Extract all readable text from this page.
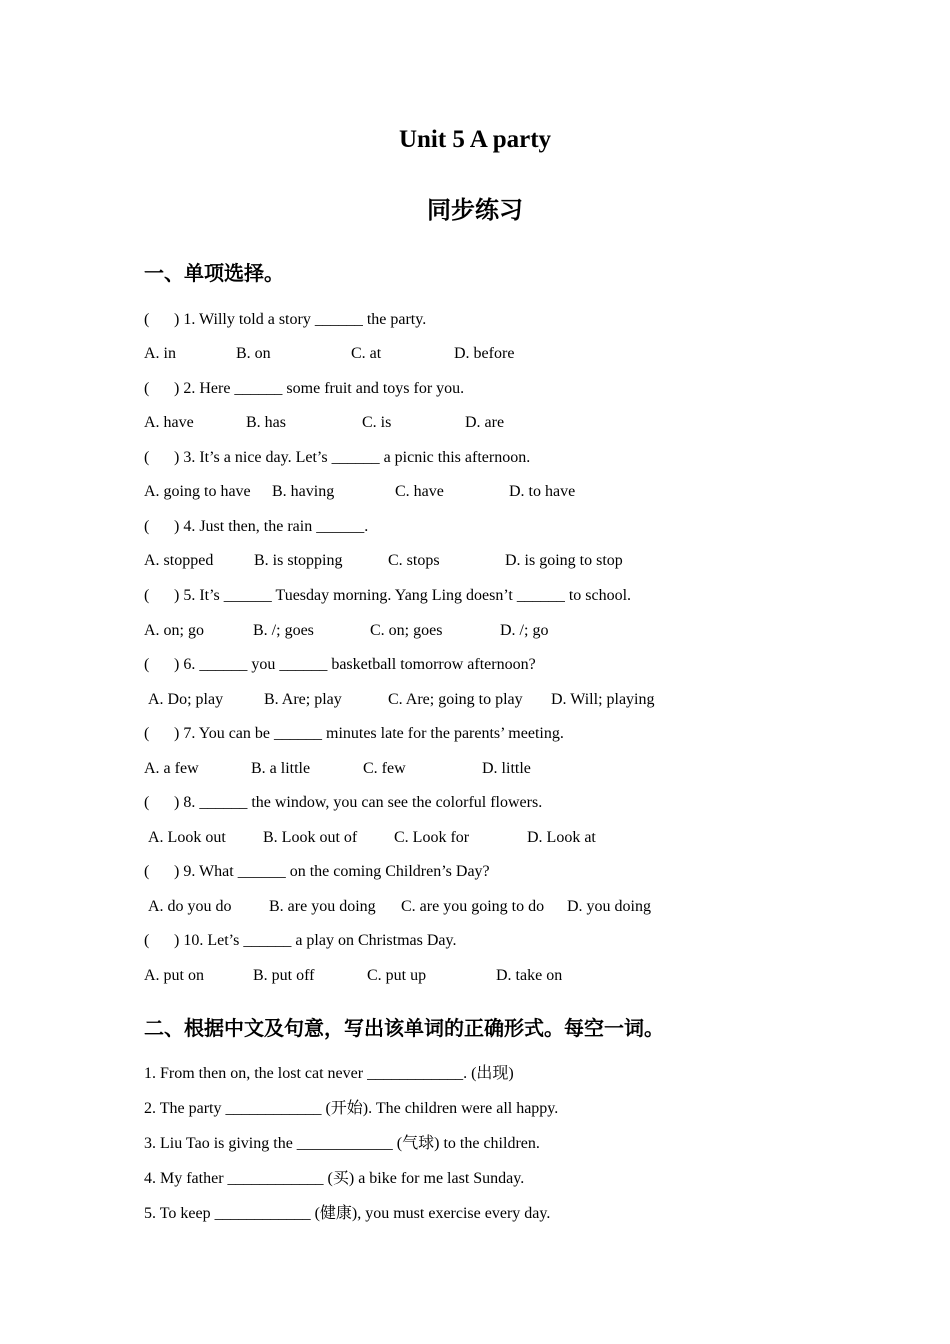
Unit 5 A party
同步练习
一、单项选择。
( ) 1. Willy told a story ______ the party.
A. in	B. on	C. at	D. before
( ) 2. Here ______ some fruit and toys for you.
A. have	B. has	C. is	D. are
( ) 3. It’s a nice day. Let’s ______ a picnic this afternoon.
A. going to have B. having	C. have	D. to have
( ) 4. Just then, the rain ______.
A. stopped	B. is stopping	C. stops	D. is going to stop
( ) 5. It’s ______ Tuesday morning. Yang Ling doesn’t ______ to school.
A. on; go	B. /; goes	C. on; goes	D. /; go
( ) 6. ______ you ______ basketball tomorrow afternoon?
A. Do; play	B. Are; play	C. Are; going to play D. Will; playing
( ) 7. You can be ______ minutes late for the parents’ meeting.
A. a few	B. a little	C. few	D. little
( ) 8. ______ the window, you can see the colorful flowers.
A. Look out B. Look out of C. Look for	D. Look at
( ) 9. What ______ on the coming Children’s Day?
A. do you do B. are you doing C. are you going to do D. you doing
( ) 10. Let’s ______ a play on Christmas Day.
A. put on	B. put off	C. put up	D. take on
二、根据中文及句意，写出该单词的正确形式。每空一词。
1. From then on, the lost cat never ____________. (出现)
2. The party ____________ (开始). The children were all happy.
3. Liu Tao is giving the ____________ (气球) to the children.
4. My father ____________ (买) a bike for me last Sunday.
5. To keep ____________ (健康), you must exercise every day.
